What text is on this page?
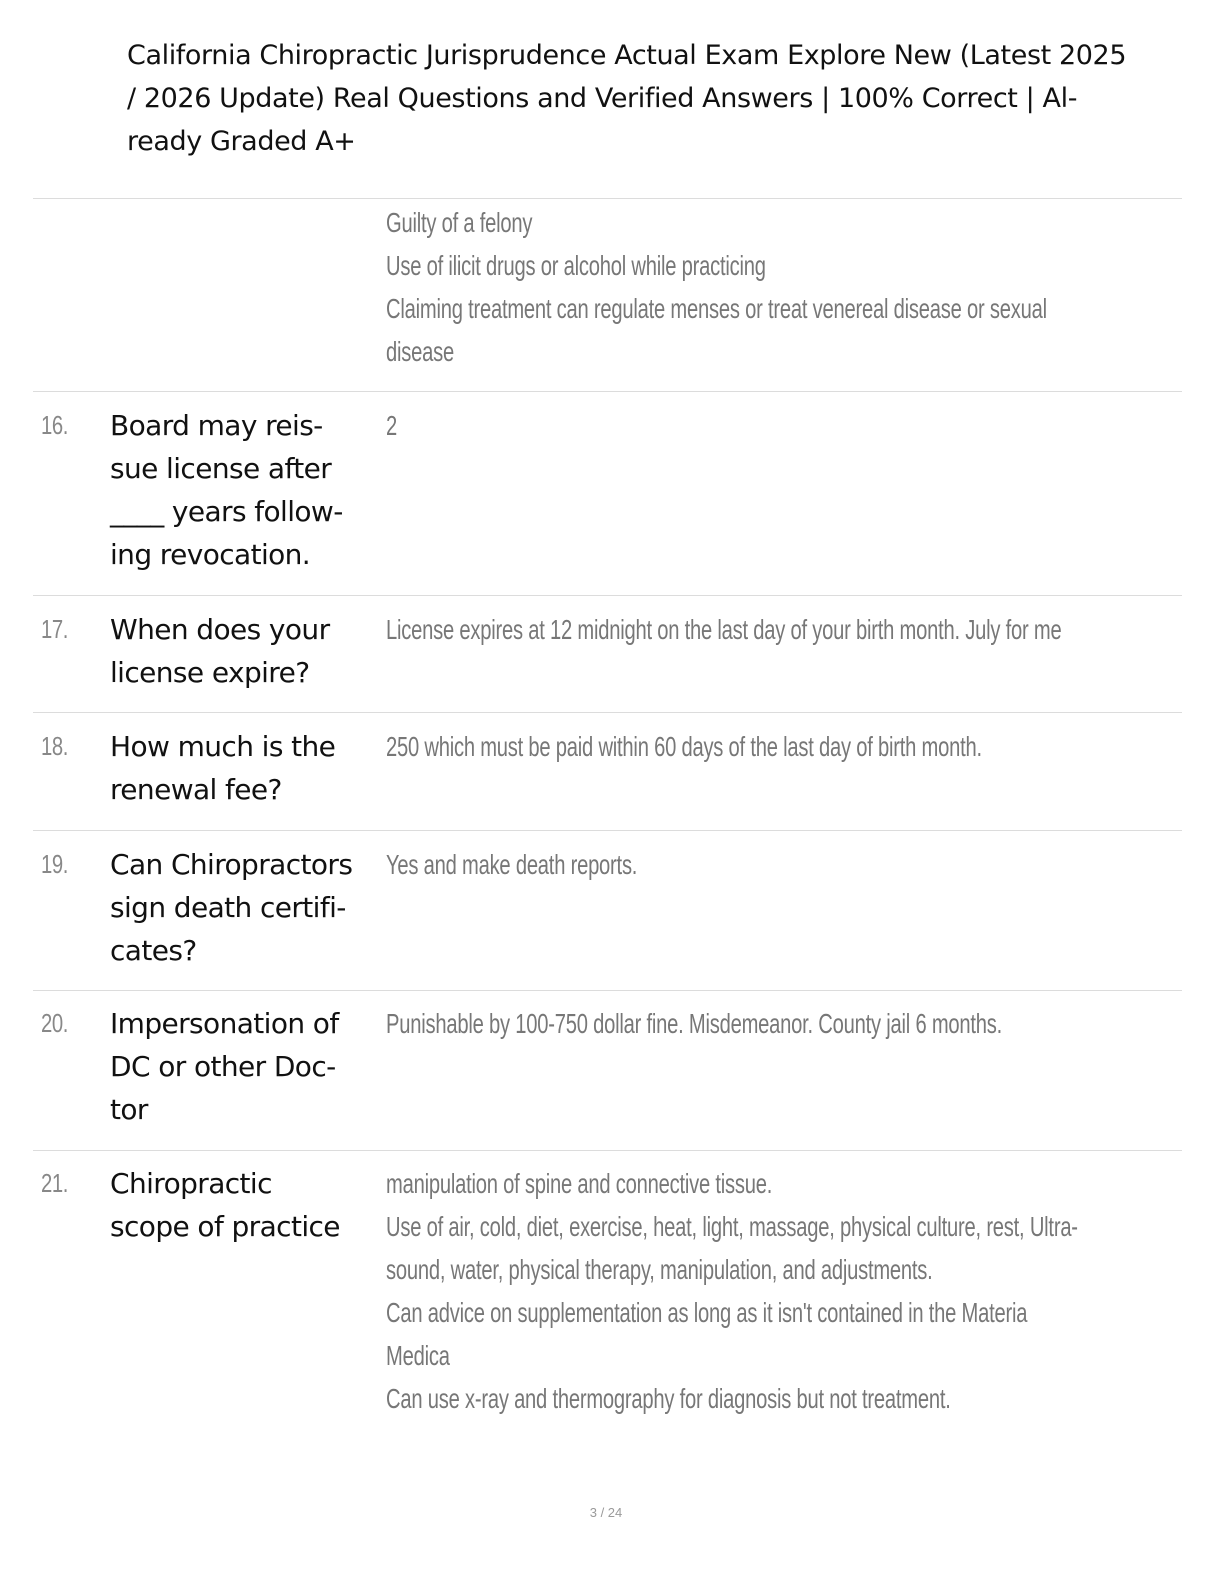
California Chiropractic Jurisprudence Actual Exam Explore New (Latest 2025
/ 2026 Update) Real Questions and Verified Answers | 100% Correct | Al-
ready Graded A+
Guilty of a felony
Use of ilicit drugs or alcohol while practicing
Claiming treatment can regulate menses or treat venereal disease or sexual
disease
16. Board may reis-
sue license after
____ years follow-
ing revocation.
2
17. When does your
license expire?
License expires at 12 midnight on the last day of your birth month. July for me
18. How much is the
renewal fee?
250 which must be paid within 60 days of the last day of birth month.
19. Can Chiropractors
sign death certifi-
cates?
Yes and make death reports.
20. Impersonation of
DC or other Doc-
tor
Punishable by 100-750 dollar fine. Misdemeanor. County jail 6 months.
21. Chiropractic
scope of practice
manipulation of spine and connective tissue.
Use of air, cold, diet, exercise, heat, light, massage, physical culture, rest, Ultra-
sound, water, physical therapy, manipulation, and adjustments.
Can advice on supplementation as long as it isn't contained in the Materia
Medica
Can use x-ray and thermography for diagnosis but not treatment.
3 / 24
